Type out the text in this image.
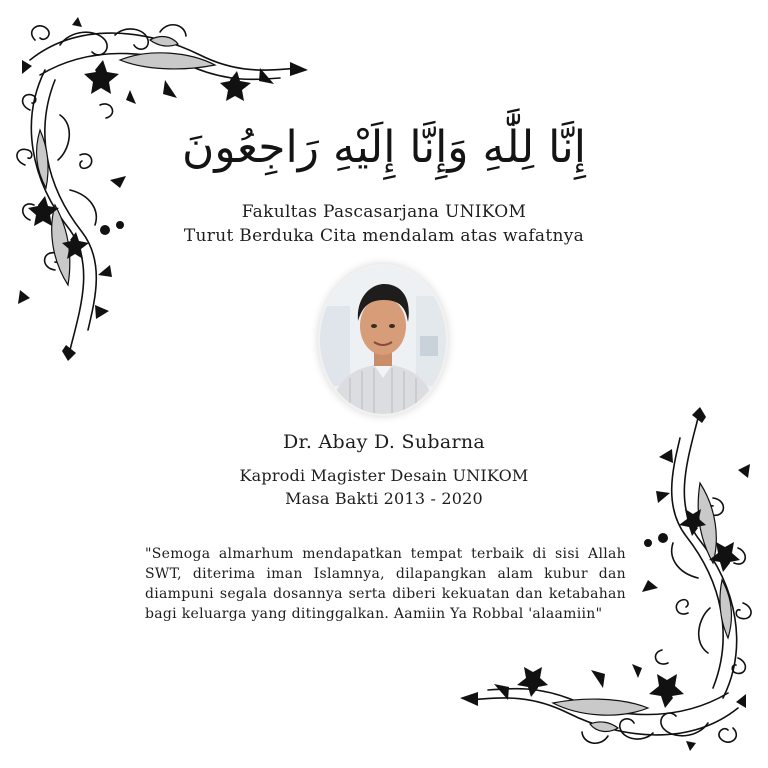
إِنَّا لِلَّٰهِ وَإِنَّا إِلَيْهِ رَاجِعُونَ
Fakultas Pascasarjana UNIKOM
Turut Berduka Cita mendalam atas wafatnya
Dr. Abay D. Subarna
Kaprodi Magister Desain UNIKOM
Masa Bakti 2013 - 2020
"Semoga almarhum mendapatkan tempat terbaik di sisi Allah SWT, diterima iman Islamnya, dilapangkan alam kubur dan diampuni segala dosannya serta diberi kekuatan dan ketabahan bagi keluarga yang ditinggalkan. Aamiin Ya Robbal 'alaamiin"
